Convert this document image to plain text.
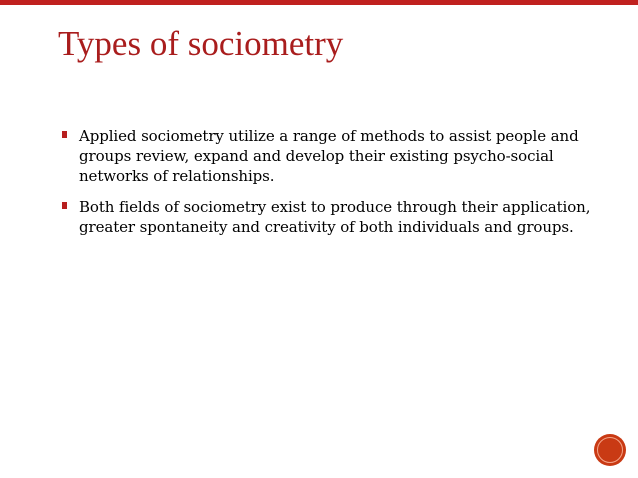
Types of sociometry
Applied sociometry utilize a range of methods to assist people and groups review, expand and develop their existing psycho-social networks of relationships.
Both fields of sociometry exist to produce through their application, greater spontaneity and creativity of both individuals and groups.
